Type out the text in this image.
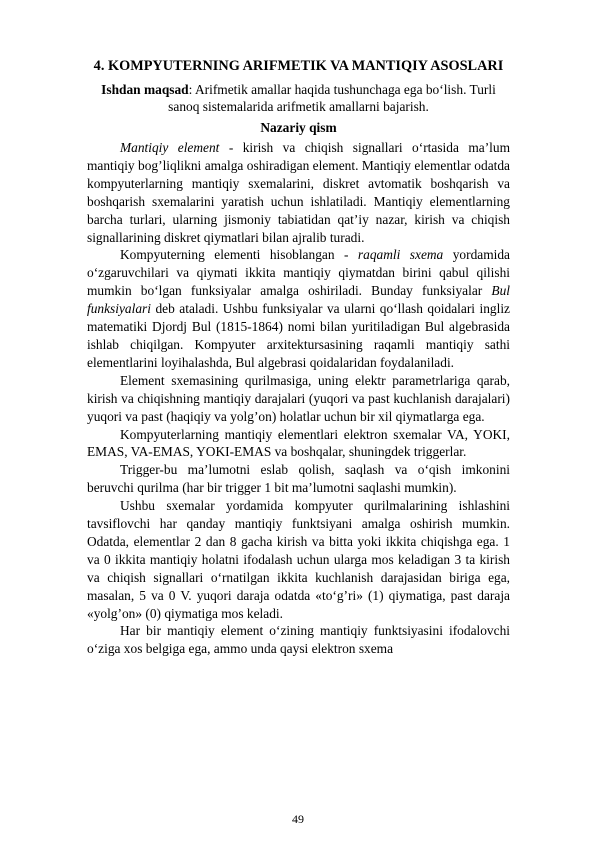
4. KOMPYUTERNING ARIFMETIK VA MANTIQIY ASOSLARI
Ishdan maqsad: Arifmetik amallar haqida tushunchaga ega bo‘lish. Turli sanoq sistemalarida arifmetik amallarni bajarish.
Nazariy qism

Mantiqiy element - kirish va chiqish signallari o‘rtasida ma’lum mantiqiy bog’liqlikni amalga oshiradigan element. Mantiqiy elementlar odatda kompyuterlarning mantiqiy sxemalarini, diskret avtomatik boshqarish va boshqarish sxemalarini yaratish uchun ishlatiladi. Mantiqiy elementlarning barcha turlari, ularning jismoniy tabiatidan qat’iy nazar, kirish va chiqish signallarining diskret qiymatlari bilan ajralib turadi.

Kompyuterning elementi hisoblangan - raqamli sxema yordamida o‘zgaruvchilari va qiymati ikkita mantiqiy qiymatdan birini qabul qilishi mumkin bo‘lgan funksiyalar amalga oshiriladi. Bunday funksiyalar Bul funksiyalari deb ataladi. Ushbu funksiyalar va ularni qo‘llash qoidalari ingliz matematiki Djordj Bul (1815-1864) nomi bilan yuritiladigan Bul algebrasida ishlab chiqilgan. Kompyuter arxitektursasining raqamli mantiqiy sathi elementlarini loyihalashda, Bul algebrasi qoidalaridan foydalaniladi.

Element sxemasining qurilmasiga, uning elektr parametrlariga qarab, kirish va chiqishning mantiqiy darajalari (yuqori va past kuchlanish darajalari) yuqori va past (haqiqiy va yolg’on) holatlar uchun bir xil qiymatlarga ega.

Kompyuterlarning mantiqiy elementlari elektron sxemalar VA, YOKI, EMAS, VA-EMAS, YOKI-EMAS va boshqalar, shuningdek triggerlar.

Trigger-bu ma’lumotni eslab qolish, saqlash va o‘qish imkonini beruvchi qurilma (har bir trigger 1 bit ma’lumotni saqlashi mumkin).

Ushbu sxemalar yordamida kompyuter qurilmalarining ishlashini tavsiflovchi har qanday mantiqiy funktsiyani amalga oshirish mumkin. Odatda, elementlar 2 dan 8 gacha kirish va bitta yoki ikkita chiqishga ega. 1 va 0 ikkita mantiqiy holatni ifodalash uchun ularga mos keladigan 3 ta kirish va chiqish signallari o‘rnatilgan ikkita kuchlanish darajasidan biriga ega, masalan, 5 va 0 V. yuqori daraja odatda «to‘g’ri» (1) qiymatiga, past daraja «yolg’on» (0) qiymatiga mos keladi.

Har bir mantiqiy element o‘zining mantiqiy funktsiyasini ifodalovchi o‘ziga xos belgiga ega, ammo unda qaysi elektron sxema

49
